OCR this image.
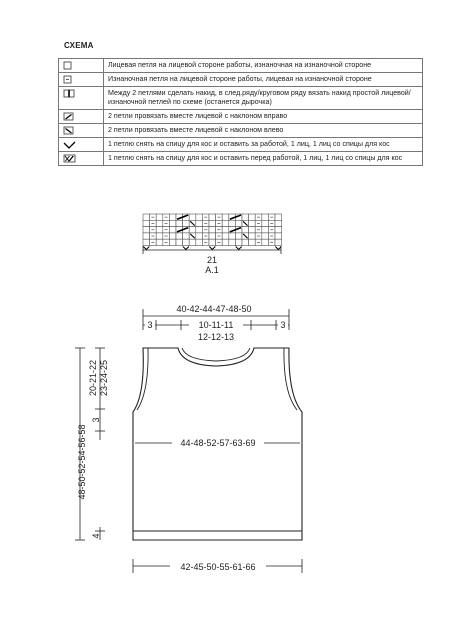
СХЕМА
	Лицевая петля на лицевой стороне работы, изнаночная на изнаночной стороне

	Изнаночная петля на лицевой стороне работы, лицевая на изнаночной стороне

	Между 2 петлями сделать накид, в след.ряду/круговом ряду вязать накид простой лицевой/изнаночной петлей по схеме (останется дырочка)

	2 петли провязать вместе лицевой с наклоном вправо

	2 петли провязать вместе лицевой с наклоном влево

	1 петлю снять на спицу для кос и оставить за работой, 1 лиц, 1 лиц со спицы для кос

	1 петлю снять на спицу для кос и оставить перед работой, 1 лиц, 1 лиц со спицы для кос
21
A.1
40-42-44-47-48-50
3	3
10-11-11
12-12-13
44-48-52-57-63-69
42-45-50-55-61-66
48-50-52-54-56-58
20-21-22 23-24-25
3
4
